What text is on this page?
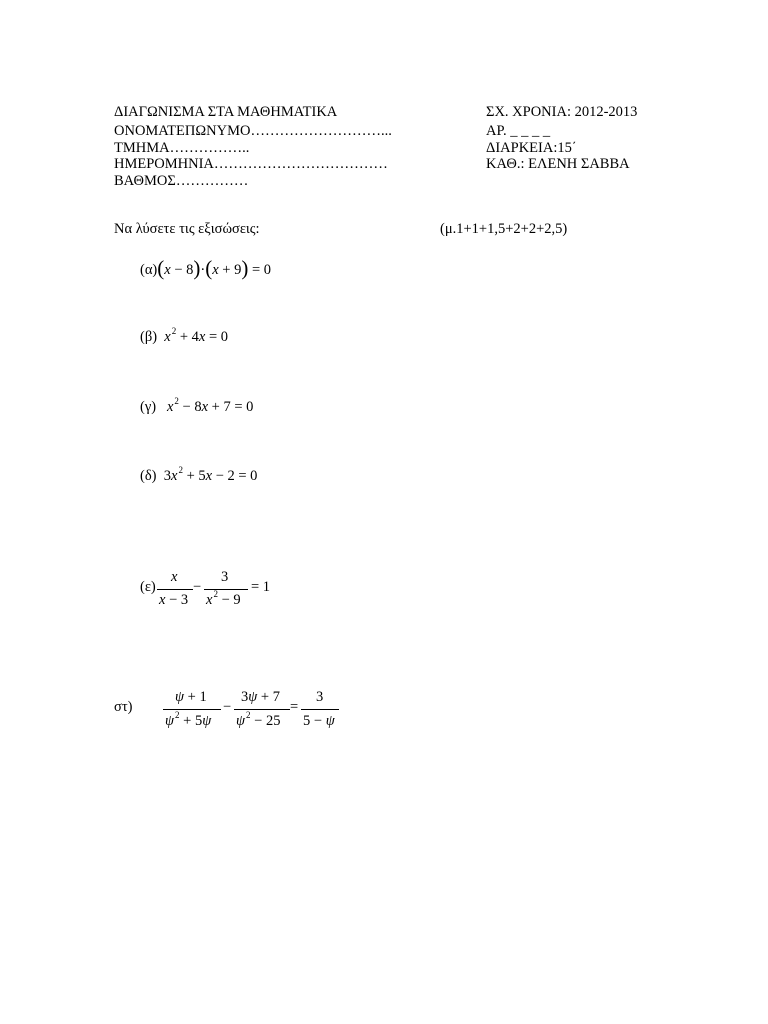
ΔΙΑΓΩΝΙΣΜΑ ΣΤΑ ΜΑΘΗΜΑΤΙΚΑ
ΟΝΟΜΑΤΕΠΩΝΥΜΟ………………………...
ΤΜΗΜΑ……………..
ΗΜΕΡΟΜΗΝΙΑ………………………………
ΒΑΘΜΟΣ……………
ΣΧ. ΧΡΟΝΙΑ: 2012-2013
ΑΡ. _ _ _ _
ΔΙΑΡΚΕΙΑ:15΄
ΚΑΘ.: ΕΛΕΝΗ ΣΑΒΒΑ
Να λύσετε τις εξισώσεις:	(μ.1+1+1,5+2+2+2,5)
(α)(x − 8)·(x + 9) = 0
(β) $x^2 + 4x = 0$
(γ) $x^2 - 8x + 7 = 0$
(δ) $3x^2 + 5x - 2 = 0$
(ε)
x
x − 3
−
3
$x^2 - 9$
= 1
στ)
ψ + 1
$\psi^2 + 5\psi$
−
3ψ + 7
$\psi^2 - 25$
=
3
5 − ψ
